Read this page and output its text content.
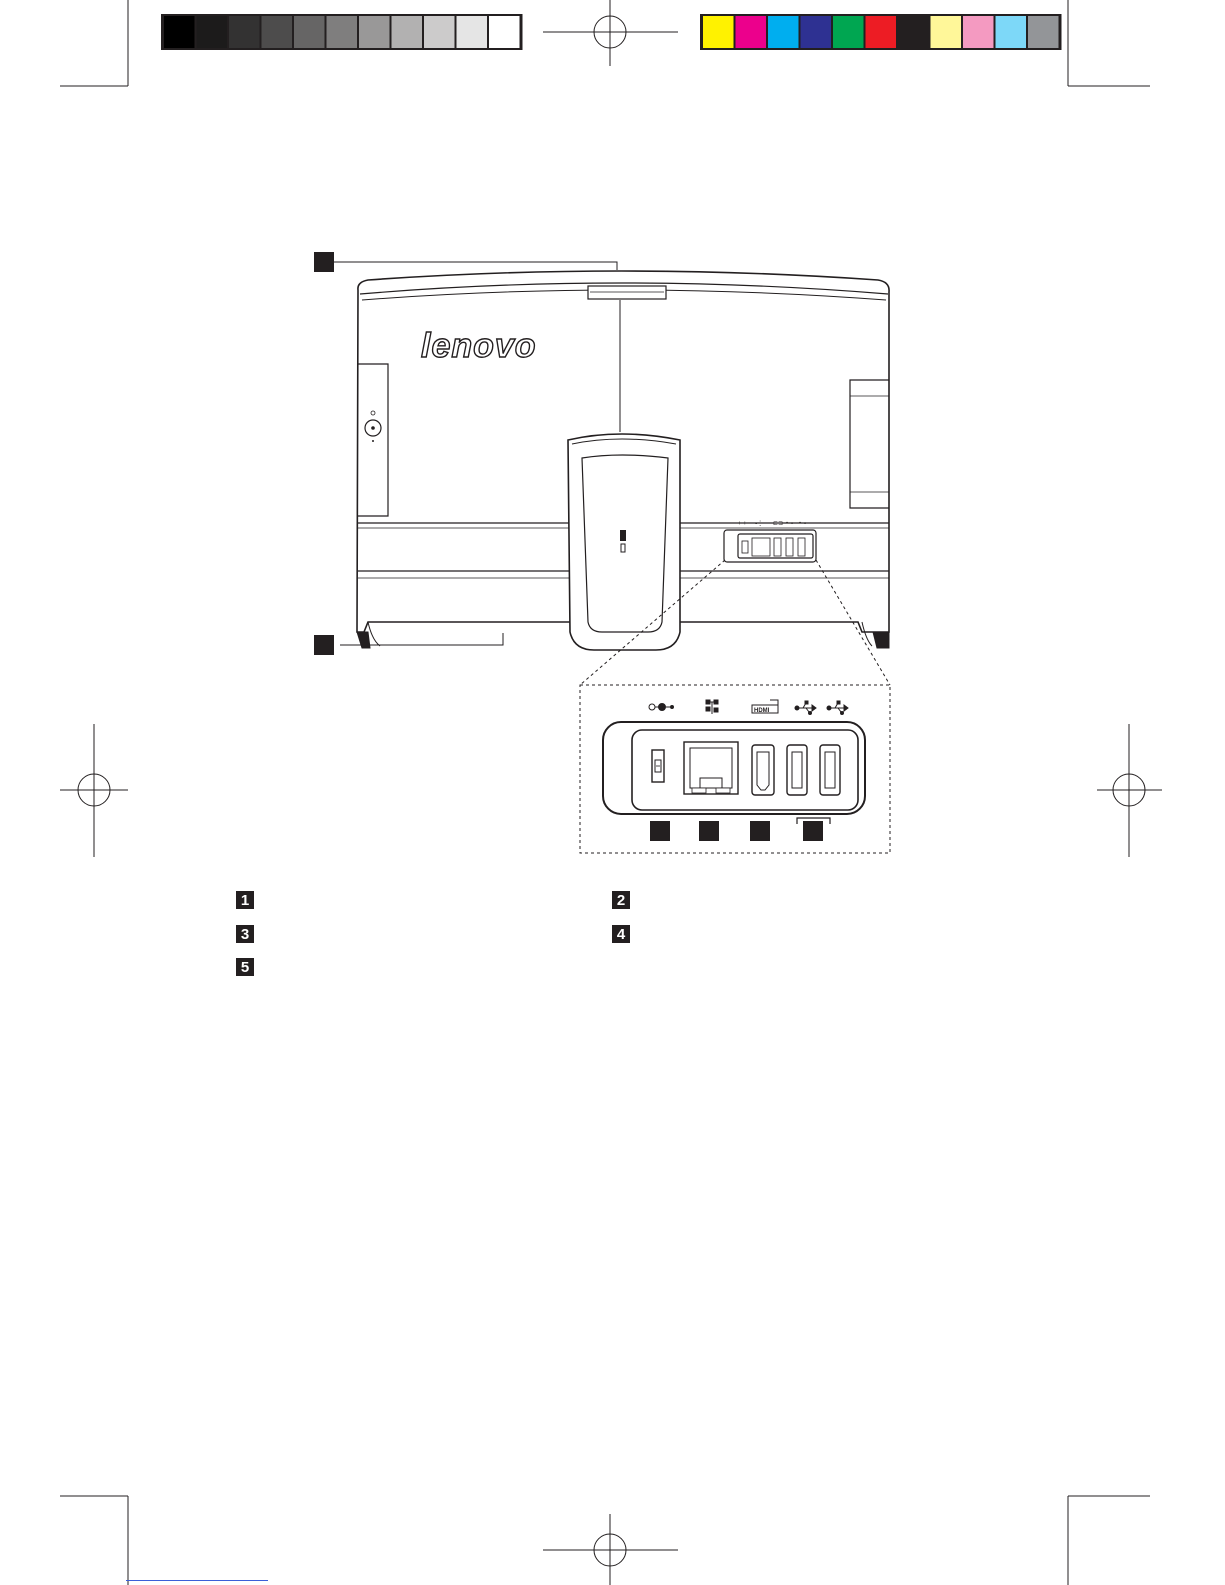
lenovo
+ + ▪⋮ ⊏⊐ •⊸ •⊸
HDMI
1	2
3	4
5
